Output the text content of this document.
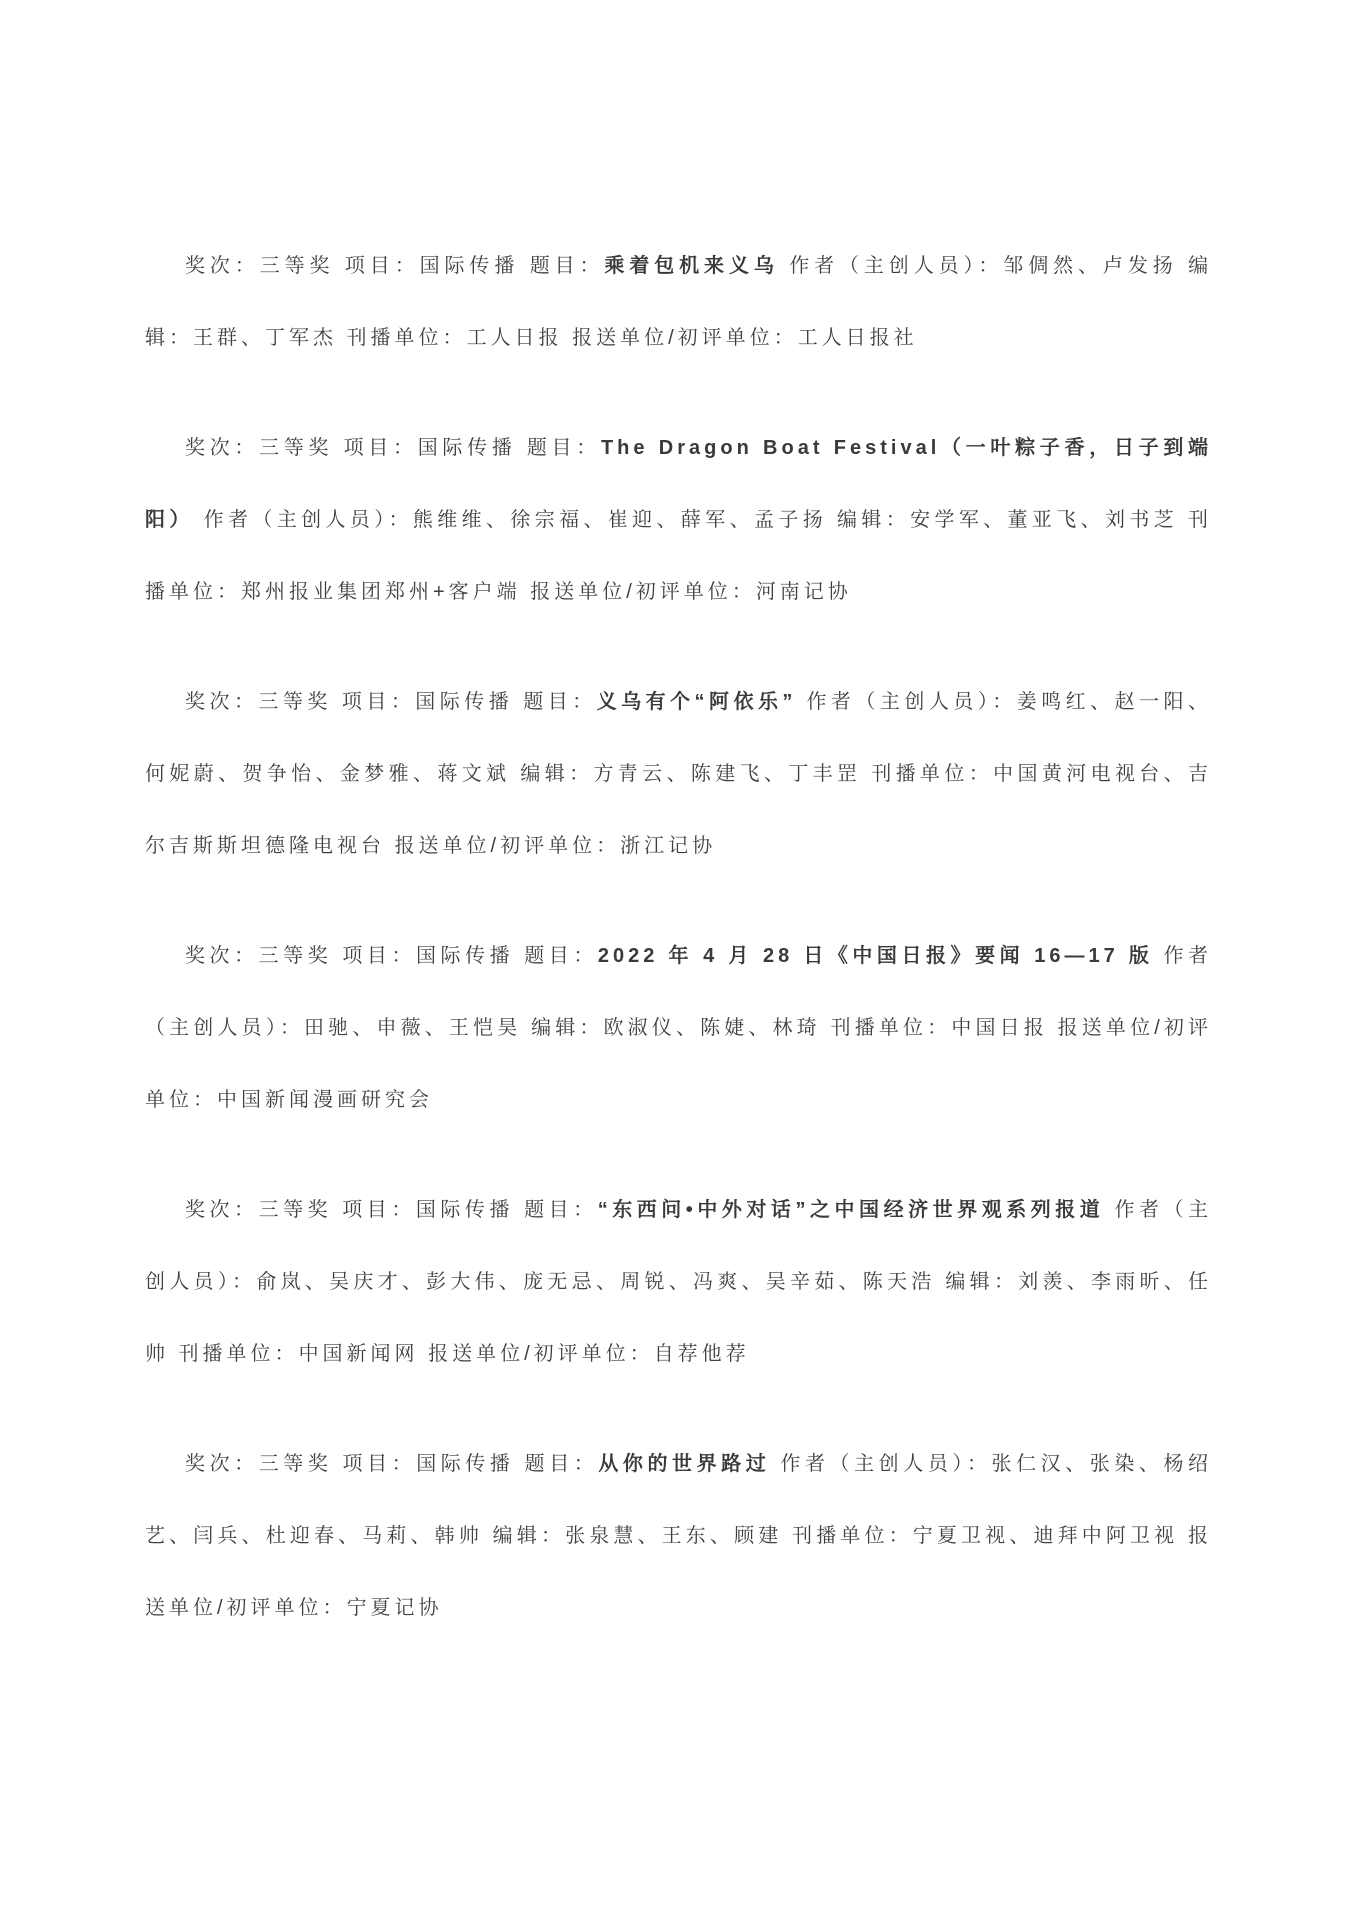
奖次：三等奖 项目：国际传播 题目：乘着包机来义乌 作者（主创人员）：邹倜然、卢发扬 编辑：王群、丁军杰 刊播单位：工人日报 报送单位/初评单位：工人日报社

奖次：三等奖 项目：国际传播 题目：The Dragon Boat Festival（一叶粽子香，日子到端阳） 作者（主创人员）：熊维维、徐宗福、崔迎、薛军、孟子扬 编辑：安学军、董亚飞、刘书芝 刊播单位：郑州报业集团郑州+客户端 报送单位/初评单位：河南记协

奖次：三等奖 项目：国际传播 题目：义乌有个“阿依乐” 作者（主创人员）：姜鸣红、赵一阳、何妮蔚、贺争怡、金梦雅、蒋文斌 编辑：方青云、陈建飞、丁丰罡 刊播单位：中国黄河电视台、吉尔吉斯斯坦德隆电视台 报送单位/初评单位：浙江记协

奖次：三等奖 项目：国际传播 题目：2022 年 4 月 28 日《中国日报》要闻 16—17 版 作者（主创人员）：田驰、申薇、王恺昊 编辑：欧淑仪、陈婕、林琦 刊播单位：中国日报 报送单位/初评单位：中国新闻漫画研究会

奖次：三等奖 项目：国际传播 题目：“东西问•中外对话”之中国经济世界观系列报道 作者（主创人员）：俞岚、吴庆才、彭大伟、庞无忌、周锐、冯爽、吴辛茹、陈天浩 编辑：刘羡、李雨昕、任帅 刊播单位：中国新闻网 报送单位/初评单位：自荐他荐

奖次：三等奖 项目：国际传播 题目：从你的世界路过 作者（主创人员）：张仁汉、张染、杨绍艺、闫兵、杜迎春、马莉、韩帅 编辑：张泉慧、王东、顾建 刊播单位：宁夏卫视、迪拜中阿卫视 报送单位/初评单位：宁夏记协
